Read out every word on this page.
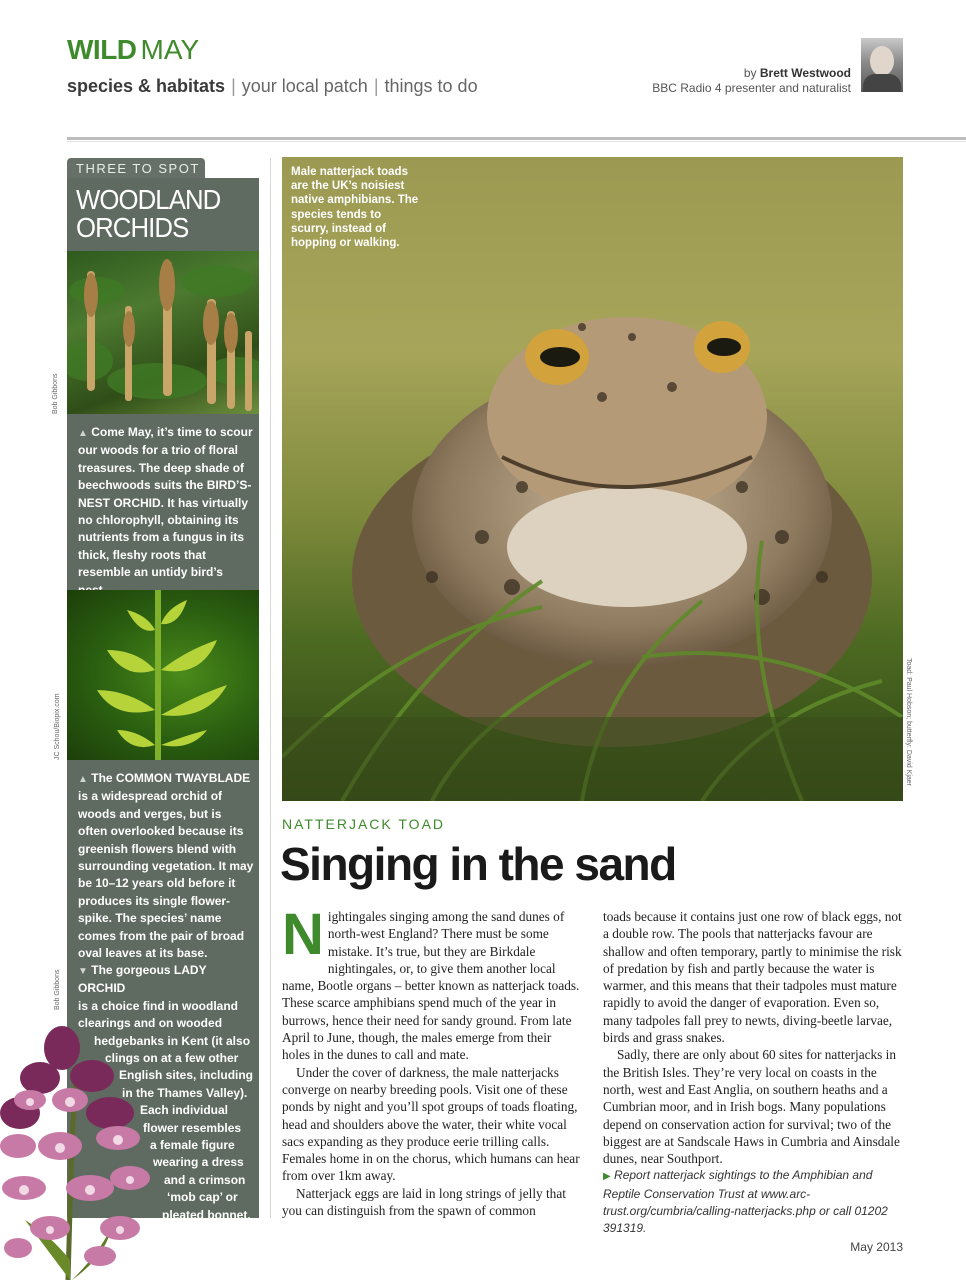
WILD MAY
species & habitats | your local patch | things to do
by Brett Westwood
BBC Radio 4 presenter and naturalist
THREE TO SPOT
WOODLAND
ORCHIDS
Bob Gibbons
▲ Come May, it’s time to scour our woods for a trio of floral treasures. The deep shade of beechwoods suits the BIRD’S-NEST ORCHID. It has virtually no chlorophyll, obtaining its nutrients from a fungus in its thick, fleshy roots that resemble an untidy bird’s
JC Schou/Biopix.com
▲ The COMMON TWAYBLADE is a widespread orchid of woods and verges, but is often overlooked because its greenish flowers blend with surrounding vegetation. It may be 10–12 years old before it produces its single flower-spike. The species’ name comes from the pair of broad oval leaves at its base.
Bob Gibbons ▼ The gorgeous LADY ORCHID
is a choice find in woodland
clearings and on wooded
hedgebanks in Kent (it also
clings on at a few other
English sites, including
in the Thames Valley).
Each individual
flower resembles
a female figure
wearing a dress
and a crimson
‘mob cap’ or
pleated bonnet.
Male natterjack toads are the UK’s noisiest native amphibians. The species tends to scurry, instead of hopping or walking.
Toad: Paul Hobson; butterfly: David Kjaer
NATTERJACK TOAD
Singing in the sand

Nightingales singing among the sand dunes of north-west England? There must be some mistake. It’s true, but they are Birkdale nightingales, or, to give them another local name, Bootle organs – better known as natterjack toads. These scarce amphibians spend much of the year in burrows, hence their need for sandy ground. From late April to June, though, the males emerge from their holes in the dunes to call and mate.

Under the cover of darkness, the male natterjacks converge on nearby breeding pools. Visit one of these ponds by night and you’ll spot groups of toads floating, head and shoulders above the water, their white vocal sacs expanding as they produce eerie trilling calls. Females home in on the chorus, which humans can hear from over 1km away.

Natterjack eggs are laid in long strings of jelly that you can distinguish from the spawn of common

toads because it contains just one row of black eggs, not a double row. The pools that natterjacks favour are shallow and often temporary, partly to minimise the risk of predation by fish and partly because the water is warmer, and this means that their tadpoles must mature rapidly to avoid the danger of evaporation. Even so, many tadpoles fall prey to newts, diving-beetle larvae, birds and grass snakes.

Sadly, there are only about 60 sites for natterjacks in the British Isles. They’re very local on coasts in the north, west and East Anglia, on southern heaths and a Cumbrian moor, and in Irish bogs. Many populations depend on conservation action for survival; two of the biggest are at Sandscale Haws in Cumbria and Ainsdale dunes, near Southport.

▶ Report natterjack sightings to the Amphibian and Reptile Conservation Trust at www.arc-trust.org/cumbria/calling-natterjacks.php or call 01202 391319.

May 2013
